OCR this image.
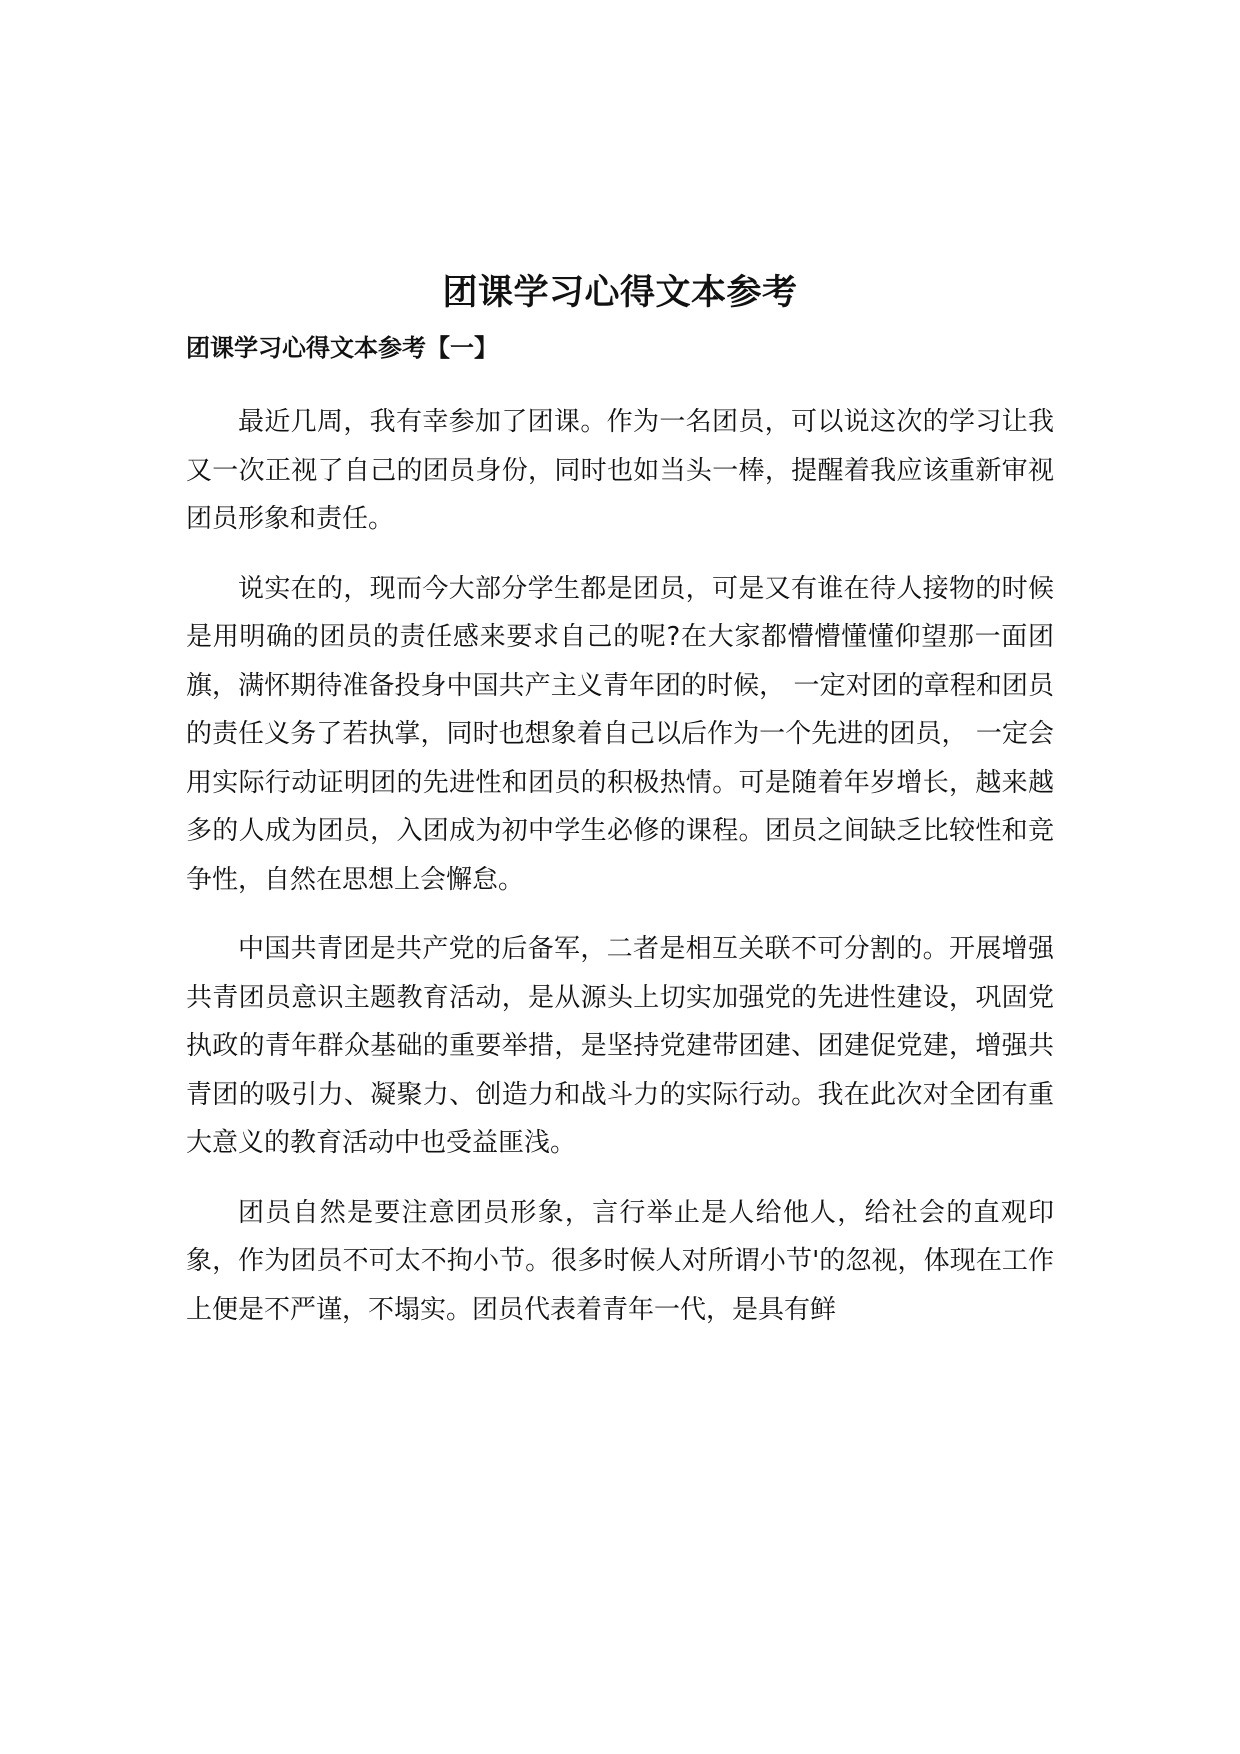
团课学习心得文本参考
团课学习心得文本参考【一】

最近几周，我有幸参加了团课。作为一名团员，可以说这次的学习让我又一次正视了自己的团员身份，同时也如当头一棒，提醒着我应该重新审视团员形象和责任。

说实在的，现而今大部分学生都是团员，可是又有谁在待人接物的时候是用明确的团员的责任感来要求自己的呢?在大家都懵懵懂懂仰望那一面团旗，满怀期待准备投身中国共产主义青年团的时候， 一定对团的章程和团员的责任义务了若执掌，同时也想象着自己以后作为一个先进的团员， 一定会用实际行动证明团的先进性和团员的积极热情。可是随着年岁增长，越来越多的人成为团员，入团成为初中学生必修的课程。团员之间缺乏比较性和竞争性，自然在思想上会懈怠。

中国共青团是共产党的后备军，二者是相互关联不可分割的。开展增强共青团员意识主题教育活动，是从源头上切实加强党的先进性建设，巩固党执政的青年群众基础的重要举措，是坚持党建带团建、团建促党建，增强共青团的吸引力、凝聚力、创造力和战斗力的实际行动。我在此次对全团有重大意义的教育活动中也受益匪浅。

团员自然是要注意团员形象，言行举止是人给他人，给社会的直观印象，作为团员不可太不拘小节。很多时候人对所谓小节'的忽视，体现在工作上便是不严谨，不塌实。团员代表着青年一代，是具有鲜
